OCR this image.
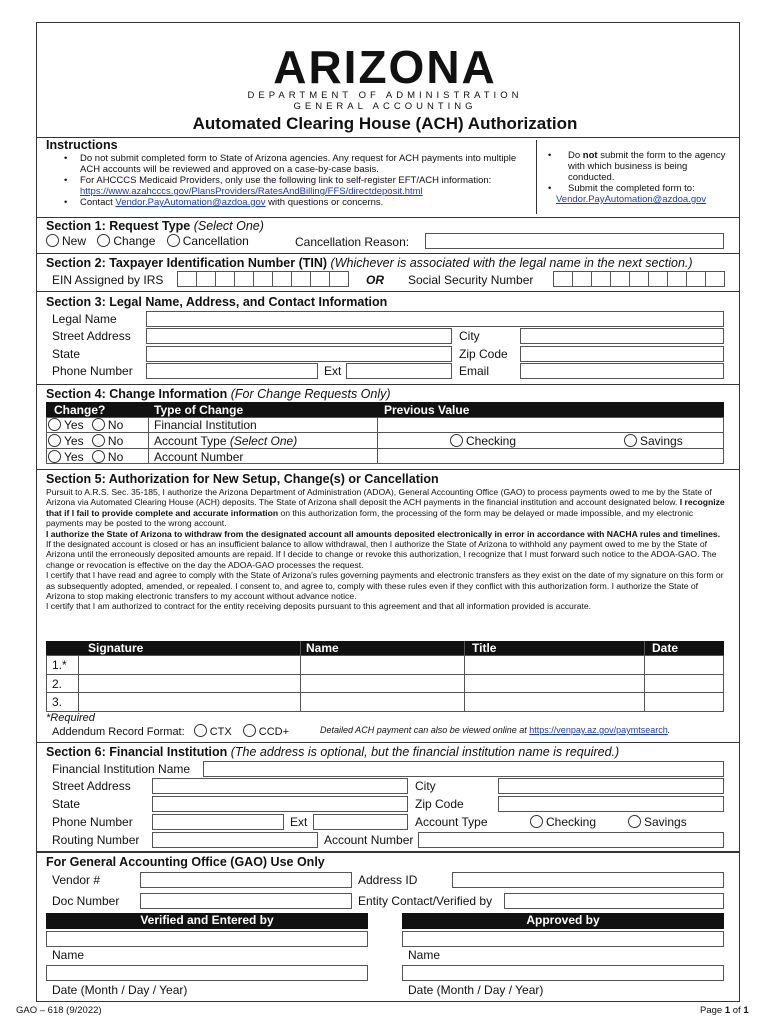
ARIZONA
DEPARTMENT OF ADMINISTRATION
GENERAL ACCOUNTING
Automated Clearing House (ACH) Authorization
Instructions
• Do not submit completed form to State of Arizona agencies. Any request for ACH payments into multiple ACH accounts will be reviewed and approved on a case-by-case basis.
• For AHCCCS Medicaid Providers, only use the following link to self-register EFT/ACH information:
https://www.azahcccs.gov/PlansProviders/RatesAndBilling/FFS/directdeposit.html
• Contact Vendor.PayAutomation@azdoa.gov with questions or concerns.
• Do not submit the form to the agency with which business is being conducted.
• Submit the completed form to:
Vendor.PayAutomation@azdoa.gov
Section 1: Request Type (Select One)
New Change Cancellation	Cancellation Reason:
Section 2: Taxpayer Identification Number (TIN) (Whichever is associated with the legal name in the next section.)
EIN Assigned by IRS	OR Social Security Number
Section 3: Legal Name, Address, and Contact Information
Legal Name
Street Address	City
State	Zip Code
Phone Number	Ext	Email
Section 4: Change Information (For Change Requests Only)
Change?	Type of Change	Previous Value
Yes No	Financial Institution
Yes No	Account Type (Select One)	Checking	Savings
Yes No	Account Number
Section 5: Authorization for New Setup, Change(s) or Cancellation
Pursuit to A.R.S. Sec. 35-185, I authorize the Arizona Department of Administration (ADOA), General Accounting Office (GAO) to process payments owed to me by the State of Arizona via Automated Clearing House (ACH) deposits. The State of Arizona shall deposit the ACH payments in the financial institution and account designated below. I recognize that if I fail to provide complete and accurate information on this authorization form, the processing of the form may be delayed or made impossible, and my electronic payments may be posted to the wrong account.
I authorize the State of Arizona to withdraw from the designated account all amounts deposited electronically in error in accordance with NACHA rules and timelines.
If the designated account is closed or has an insufficient balance to allow withdrawal, then I authorize the State of Arizona to withhold any payment owed to me by the State of Arizona until the erroneously deposited amounts are repaid. If I decide to change or revoke this authorization, I recognize that I must forward such notice to the ADOA-GAO. The change or revocation is effective on the day the ADOA-GAO processes the request.
I certify that I have read and agree to comply with the State of Arizona's rules governing payments and electronic transfers as they exist on the date of my signature on this form or as subsequently adopted, amended, or repealed. I consent to, and agree to, comply with these rules even if they conflict with this authorization form. I authorize the State of Arizona to stop making electronic transfers to my account without advance notice.
I certify that I am authorized to contract for the entity receiving deposits pursuant to this agreement and that all information provided is accurate.
Signature	Name	Title	Date
1.*
2.
3.
*Required
Addendum Record Format: CTX CCD+	Detailed ACH payment can also be viewed online at https://venpay.az.gov/paymtsearch.
Section 6: Financial Institution (The address is optional, but the financial institution name is required.)
Financial Institution Name
Street Address	City
State	Zip Code
Phone Number	Ext	Account Type	Checking	Savings
Routing Number	Account Number
For General Accounting Office (GAO) Use Only
Vendor #	Address ID
Doc Number	Entity Contact/Verified by
Verified and Entered by	Approved by
Name	Name
Date (Month / Day / Year)	Date (Month / Day / Year)
GAO – 618 (9/2022)	Page 1 of 1
